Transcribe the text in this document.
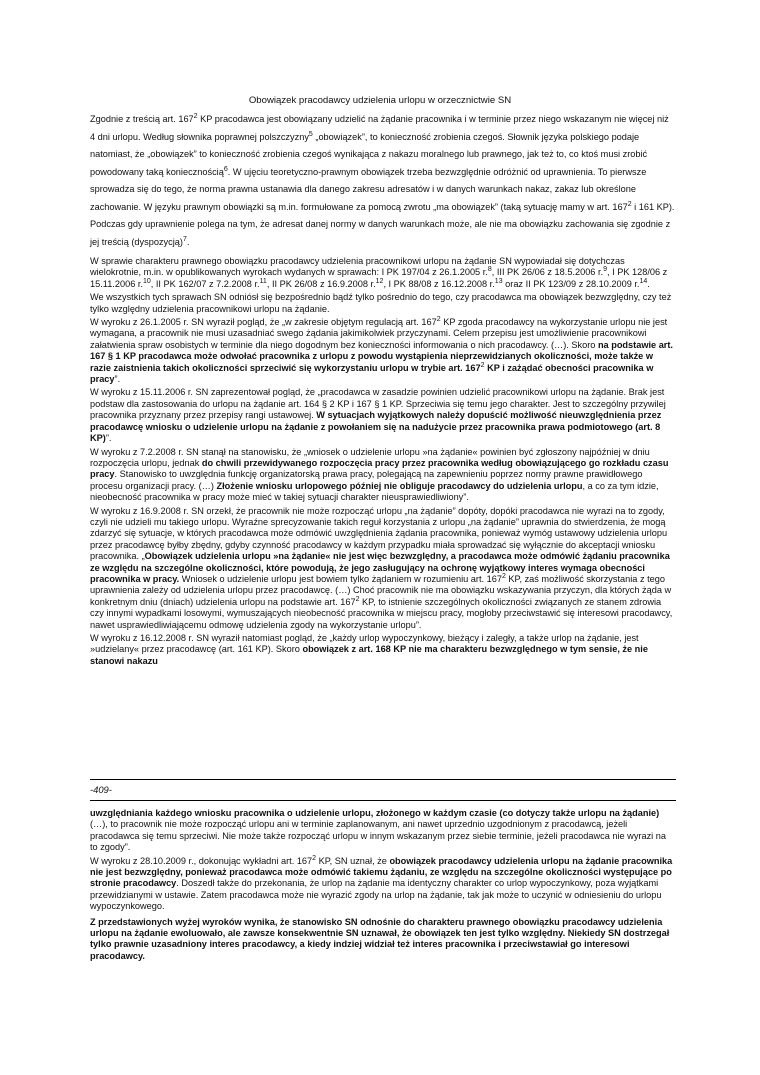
Obowiązek pracodawcy udzielenia urlopu w orzecznictwie SN

Zgodnie z treścią art. $167^2$ KP pracodawca jest obowiązany udzielić na żądanie pracownika i w terminie przez niego wskazanym nie więcej niż 4 dni urlopu. Według słownika poprawnej polszczyzny$^5$ „obowiązek”, to konieczność zrobienia czegoś. Słownik języka polskiego podaje natomiast, że „obowiązek” to konieczność zrobienia czegoś wynikająca z nakazu moralnego lub prawnego, jak też to, co ktoś musi zrobić powodowany taką koniecznością$^6$. W ujęciu teoretyczno-prawnym obowiązek trzeba bezwzględnie odróżnić od uprawnienia. To pierwsze sprowadza się do tego, że norma prawna ustanawia dla danego zakresu adresatów i w danych warunkach nakaz, zakaz lub określone zachowanie. W języku prawnym obowiązki są m.in. formułowane za pomocą zwrotu „ma obowiązek” (taką sytuację mamy w art. $167^2$ i 161 KP). Podczas gdy uprawnienie polega na tym, że adresat danej normy w danych warunkach może, ale nie ma obowiązku zachowania się zgodnie z jej treścią (dyspozycją)$^7$.

W sprawie charakteru prawnego obowiązku pracodawcy udzielenia pracownikowi urlopu na żądanie SN wypowiadał się dotychczas wielokrotnie, m.in. w opublikowanych wyrokach wydanych w sprawach: I PK 197/04 z 26.1.2005 r.$^8$, III PK 26/06 z 18.5.2006 r.$^9$, I PK 128/06 z 15.11.2006 r.$^{10}$, II PK 162/07 z 7.2.2008 r.$^{11}$, II PK 26/08 z 16.9.2008 r.$^{12}$, I PK 88/08 z 16.12.2008 r.$^{13}$ oraz II PK 123/09 z 28.10.2009 r.$^{14}$.

We wszystkich tych sprawach SN odniósł się bezpośrednio bądź tylko pośrednio do tego, czy pracodawca ma obowiązek bezwzględny, czy też tylko względny udzielenia pracownikowi urlopu na żądanie.

W wyroku z 26.1.2005 r. SN wyraził pogląd, że „w zakresie objętym regulacją art. $167^2$ KP zgoda pracodawcy na wykorzystanie urlopu nie jest wymagana, a pracownik nie musi uzasadniać swego żądania jakimikolwiek przyczynami. Celem przepisu jest umożliwienie pracownikowi załatwienia spraw osobistych w terminie dla niego dogodnym bez konieczności informowania o nich pracodawcy. (…). Skoro na podstawie art. 167 § 1 KP pracodawca może odwołać pracownika z urlopu z powodu wystąpienia nieprzewidzianych okoliczności, może także w razie zaistnienia takich okoliczności sprzeciwić się wykorzystaniu urlopu w trybie art. $167^2$ KP i zażądać obecności pracownika w pracy”.

W wyroku z 15.11.2006 r. SN zaprezentował pogląd, że „pracodawca w zasadzie powinien udzielić pracownikowi urlopu na żądanie. Brak jest podstaw dla zastosowania do urlopu na żądanie art. 164 § 2 KP i 167 § 1 KP. Sprzeciwia się temu jego charakter. Jest to szczególny przywilej pracownika przyznany przez przepisy rangi ustawowej. W sytuacjach wyjątkowych należy dopuścić możliwość nieuwzględnienia przez pracodawcę wniosku o udzielenie urlopu na żądanie z powołaniem się na nadużycie przez pracownika prawa podmiotowego (art. 8 KP)”.

W wyroku z 7.2.2008 r. SN stanął na stanowisku, że „wniosek o udzielenie urlopu »na żądanie« powinien być zgłoszony najpóźniej w dniu rozpoczęcia urlopu, jednak do chwili przewidywanego rozpoczęcia pracy przez pracownika według obowiązującego go rozkładu czasu pracy. Stanowisko to uwzględnia funkcję organizatorską prawa pracy, polegającą na zapewnieniu poprzez normy prawne prawidłowego procesu organizacji pracy. (…) Złożenie wniosku urlopowego później nie obliguje pracodawcy do udzielenia urlopu, a co za tym idzie, nieobecność pracownika w pracy może mieć w takiej sytuacji charakter nieusprawiedliwiony”.

W wyroku z 16.9.2008 r. SN orzekł, że pracownik nie może rozpocząć urlopu „na żądanie” dopóty, dopóki pracodawca nie wyrazi na to zgody, czyli nie udzieli mu takiego urlopu. Wyraźne sprecyzowanie takich reguł korzystania z urlopu „na żądanie” uprawnia do stwierdzenia, że mogą zdarzyć się sytuacje, w których pracodawca może odmówić uwzględnienia żądania pracownika, ponieważ wymóg ustawowy udzielenia urlopu przez pracodawcę byłby zbędny, gdyby czynność pracodawcy w każdym przypadku miała sprowadzać się wyłącznie do akceptacji wniosku pracownika. „Obowiązek udzielenia urlopu »na żądanie« nie jest więc bezwzględny, a pracodawca może odmówić żądaniu pracownika ze względu na szczególne okoliczności, które powodują, że jego zasługujący na ochronę wyjątkowy interes wymaga obecności pracownika w pracy. Wniosek o udzielenie urlopu jest bowiem tylko żądaniem w rozumieniu art. $167^2$ KP, zaś możliwość skorzystania z tego uprawnienia zależy od udzielenia urlopu przez pracodawcę. (…) Choć pracownik nie ma obowiązku wskazywania przyczyn, dla których żąda w konkretnym dniu (dniach) udzielenia urlopu na podstawie art. $167^2$ KP, to istnienie szczególnych okoliczności związanych ze stanem zdrowia czy innymi wypadkami losowymi, wymuszających nieobecność pracownika w miejscu pracy, mogłoby przeciwstawić się interesowi pracodawcy, nawet usprawiedliwiającemu odmowę udzielenia zgody na wykorzystanie urlopu”.

W wyroku z 16.12.2008 r. SN wyraził natomiast pogląd, że „każdy urlop wypoczynkowy, bieżący i zaległy, a także urlop na żądanie, jest »udzielany« przez pracodawcę (art. 161 KP). Skoro obowiązek z art. 168 KP nie ma charakteru bezwzględnego w tym sensie, że nie stanowi nakazu

-409-

uwzględniania każdego wniosku pracownika o udzielenie urlopu, złożonego w każdym czasie (co dotyczy także urlopu na żądanie) (…), to pracownik nie może rozpocząć urlopu ani w terminie zaplanowanym, ani nawet uprzednio uzgodnionym z pracodawcą, jeżeli pracodawca się temu sprzeciwi. Nie może także rozpocząć urlopu w innym wskazanym przez siebie terminie, jeżeli pracodawca nie wyrazi na to zgody”.

W wyroku z 28.10.2009 r., dokonując wykładni art. $167^2$ KP, SN uznał, że obowiązek pracodawcy udzielenia urlopu na żądanie pracownika nie jest bezwzględny, ponieważ pracodawca może odmówić takiemu żądaniu, ze względu na szczególne okoliczności występujące po stronie pracodawcy. Doszedł także do przekonania, że urlop na żądanie ma identyczny charakter co urlop wypoczynkowy, poza wyjątkami przewidzianymi w ustawie. Zatem pracodawca może nie wyrazić zgody na urlop na żądanie, tak jak może to uczynić w odniesieniu do urlopu wypoczynkowego.

Z przedstawionych wyżej wyroków wynika, że stanowisko SN odnośnie do charakteru prawnego obowiązku pracodawcy udzielenia urlopu na żądanie ewoluowało, ale zawsze konsekwentnie SN uznawał, że obowiązek ten jest tylko względny. Niekiedy SN dostrzegał tylko prawnie uzasadniony interes pracodawcy, a kiedy indziej widział też interes pracownika i przeciwstawiał go interesowi pracodawcy.
